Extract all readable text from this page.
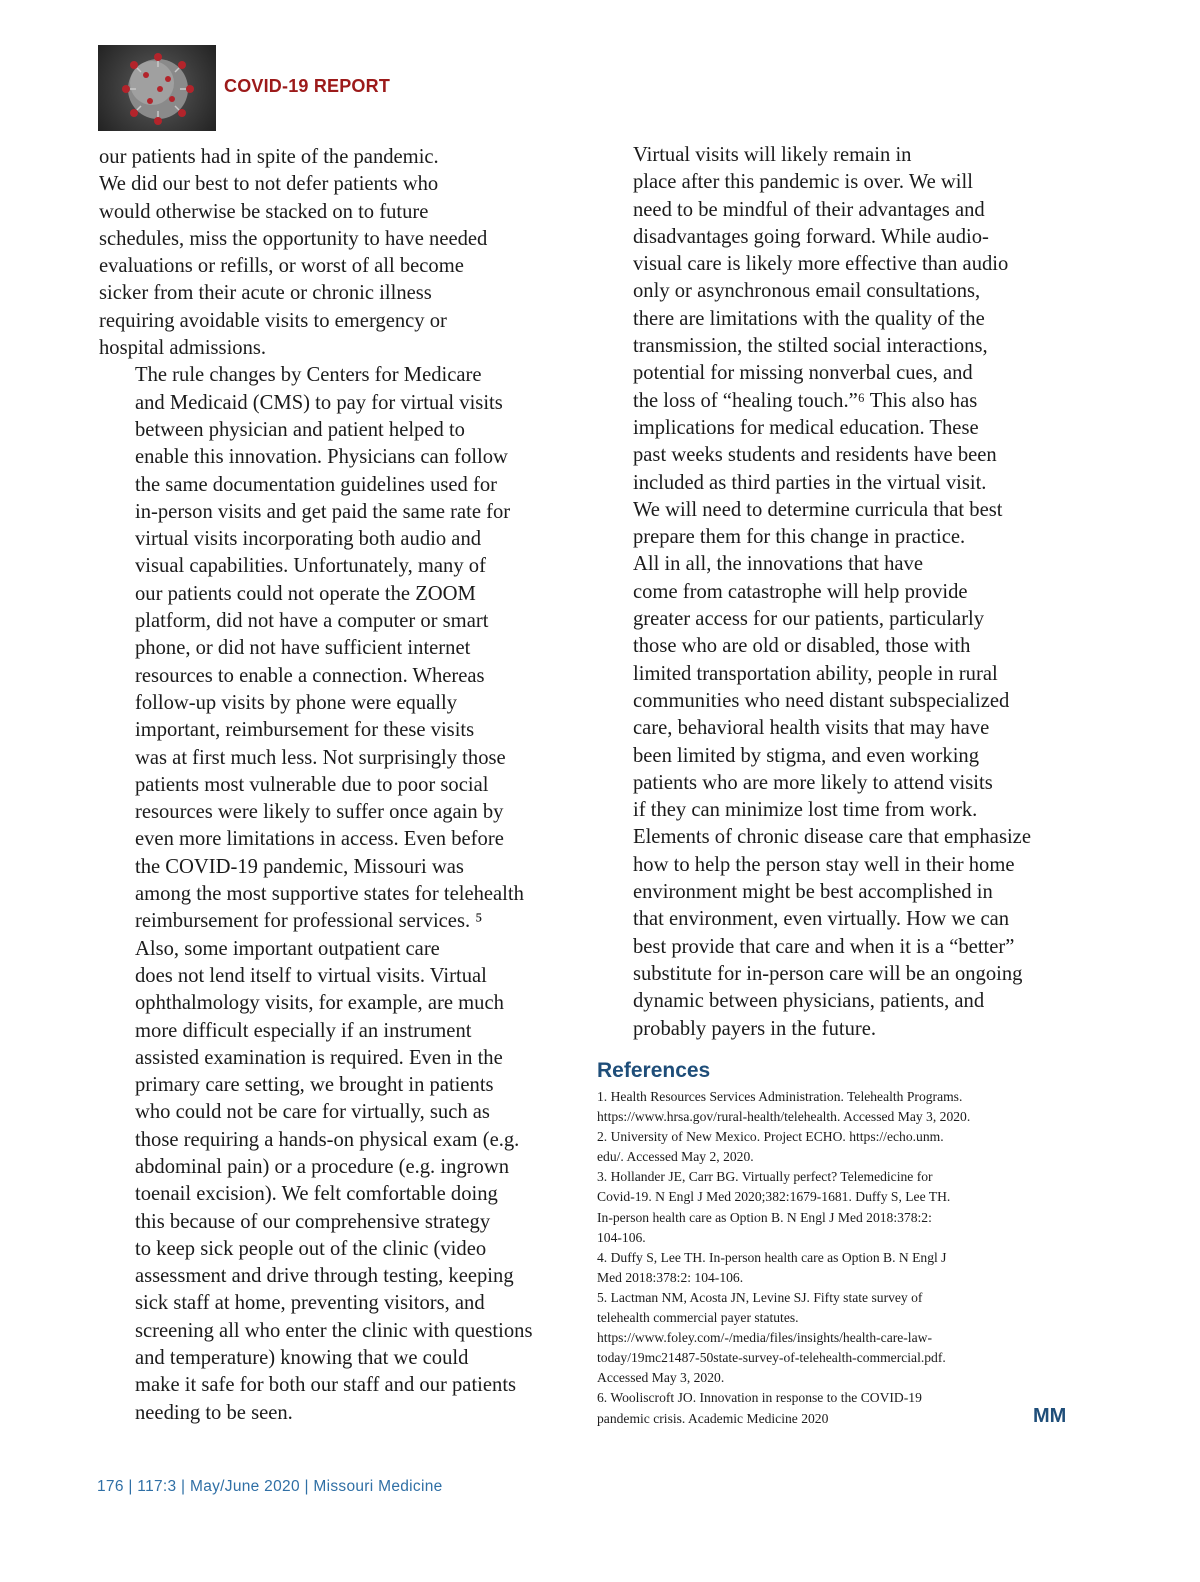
COVID-19 REPORT

our patients had in spite of the pandemic.
We did our best to not defer patients who
would otherwise be stacked on to future
schedules, miss the opportunity to have needed
evaluations or refills, or worst of all become
sicker from their acute or chronic illness
requiring avoidable visits to emergency or
hospital admissions.

The rule changes by Centers for Medicare
and Medicaid (CMS) to pay for virtual visits
between physician and patient helped to
enable this innovation. Physicians can follow
the same documentation guidelines used for
in-person visits and get paid the same rate for
virtual visits incorporating both audio and
visual capabilities. Unfortunately, many of
our patients could not operate the ZOOM
platform, did not have a computer or smart
phone, or did not have sufficient internet
resources to enable a connection. Whereas
follow-up visits by phone were equally
important, reimbursement for these visits
was at first much less. Not surprisingly those
patients most vulnerable due to poor social
resources were likely to suffer once again by
even more limitations in access. Even before
the COVID-19 pandemic, Missouri was
among the most supportive states for telehealth
reimbursement for professional services. ⁵

Also, some important outpatient care
does not lend itself to virtual visits. Virtual
ophthalmology visits, for example, are much
more difficult especially if an instrument
assisted examination is required. Even in the
primary care setting, we brought in patients
who could not be care for virtually, such as
those requiring a hands-on physical exam (e.g.
abdominal pain) or a procedure (e.g. ingrown
toenail excision). We felt comfortable doing
this because of our comprehensive strategy
to keep sick people out of the clinic (video
assessment and drive through testing, keeping
sick staff at home, preventing visitors, and
screening all who enter the clinic with questions
and temperature) knowing that we could
make it safe for both our staff and our patients
needing to be seen.

Virtual visits will likely remain in
place after this pandemic is over. We will
need to be mindful of their advantages and
disadvantages going forward. While audio-
visual care is likely more effective than audio
only or asynchronous email consultations,
there are limitations with the quality of the
transmission, the stilted social interactions,
potential for missing nonverbal cues, and
the loss of “healing touch.”⁶ This also has
implications for medical education. These
past weeks students and residents have been
included as third parties in the virtual visit.
We will need to determine curricula that best
prepare them for this change in practice.

All in all, the innovations that have
come from catastrophe will help provide
greater access for our patients, particularly
those who are old or disabled, those with
limited transportation ability, people in rural
communities who need distant subspecialized
care, behavioral health visits that may have
been limited by stigma, and even working
patients who are more likely to attend visits
if they can minimize lost time from work.
Elements of chronic disease care that emphasize
how to help the person stay well in their home
environment might be best accomplished in
that environment, even virtually. How we can
best provide that care and when it is a “better”
substitute for in-person care will be an ongoing
dynamic between physicians, patients, and
probably payers in the future.

References
1. Health Resources Services Administration. Telehealth Programs.
https://www.hrsa.gov/rural-health/telehealth. Accessed May 3, 2020.
2. University of New Mexico. Project ECHO. https://echo.unm.
edu/. Accessed May 2, 2020.
3. Hollander JE, Carr BG. Virtually perfect? Telemedicine for
Covid-19. N Engl J Med 2020;382:1679-1681. Duffy S, Lee TH.
In-person health care as Option B. N Engl J Med 2018:378:2:
104-106.
4. Duffy S, Lee TH. In-person health care as Option B. N Engl J
Med 2018:378:2: 104-106.
5. Lactman NM, Acosta JN, Levine SJ. Fifty state survey of
telehealth commercial payer statutes.
https://www.foley.com/-/media/files/insights/health-care-law-
today/19mc21487-50state-survey-of-telehealth-commercial.pdf.
Accessed May 3, 2020.
6. Wooliscroft JO. Innovation in response to the COVID-19
pandemic crisis. Academic Medicine 2020	MM
176 | 117:3 | May/June 2020 | Missouri Medicine
